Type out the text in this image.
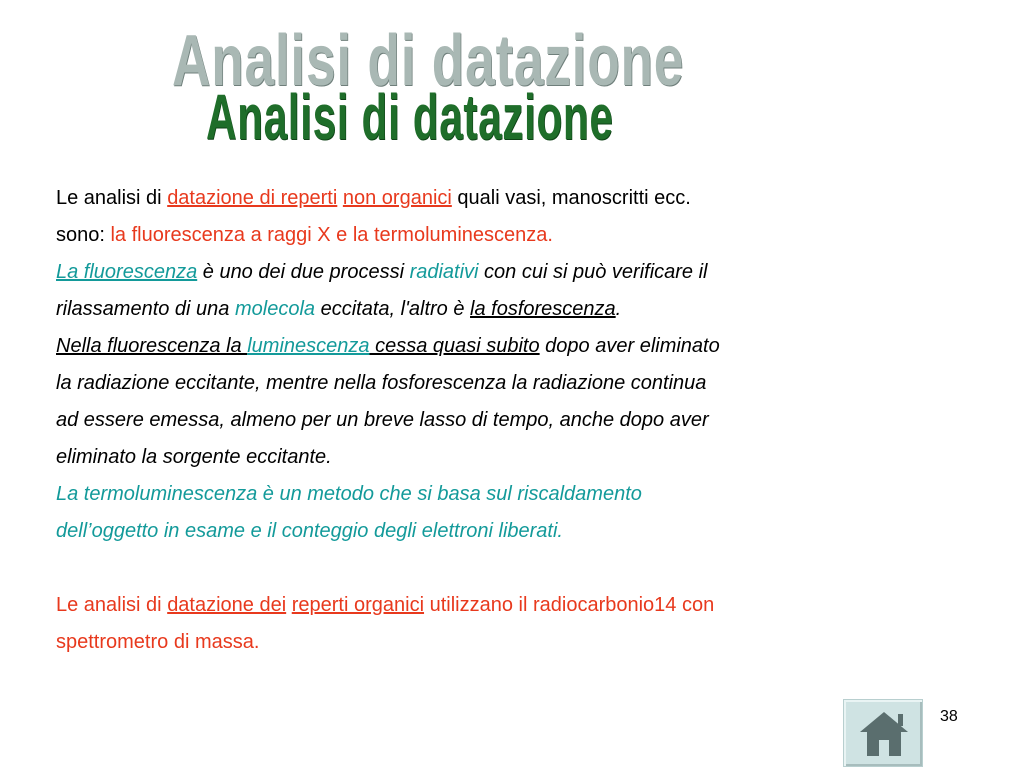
Analisi di datazione
Analisi di datazione
Le analisi di datazione di reperti non organici quali vasi, manoscritti ecc.
sono: la fluorescenza a raggi X e la termoluminescenza.
La fluorescenza è uno dei due processi radiativi con cui si può verificare il
rilassamento di una molecola eccitata, l'altro è la fosforescenza.
Nella fluorescenza la luminescenza cessa quasi subito dopo aver eliminato
la radiazione eccitante, mentre nella fosforescenza la radiazione continua
ad essere emessa, almeno per un breve lasso di tempo, anche dopo aver
eliminato la sorgente eccitante.
La termoluminescenza è un metodo che si basa sul riscaldamento
dell’oggetto in esame e il conteggio degli elettroni liberati.
Le analisi di datazione dei reperti organici utilizzano il radiocarbonio14 con
spettrometro di massa.
38
